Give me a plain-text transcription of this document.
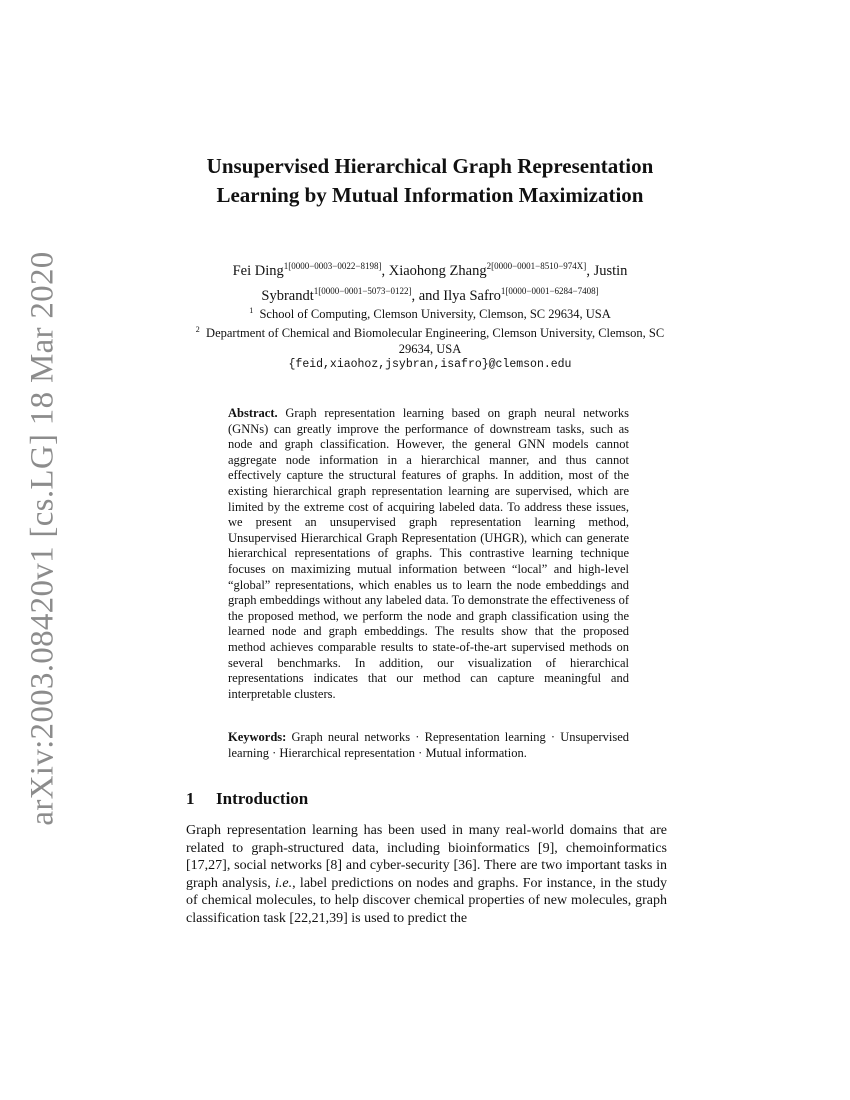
arXiv:2003.08420v1 [cs.LG] 18 Mar 2020
Unsupervised Hierarchical Graph Representation Learning by Mutual Information Maximization
Fei Ding$^{1[0000-0003-0022-8198]}$, Xiaohong Zhang$^{2[0000-0001-8510-974X]}$, Justin Sybrandt$^{1[0000-0001-5073-0122]}$, and Ilya Safro$^{1[0000-0001-6284-7408]}$
$^1$ School of Computing, Clemson University, Clemson, SC 29634, USA
$^2$ Department of Chemical and Biomolecular Engineering, Clemson University, Clemson, SC 29634, USA
{feid,xiaohoz,jsybran,isafro}@clemson.edu

Abstract. Graph representation learning based on graph neural networks (GNNs) can greatly improve the performance of downstream tasks, such as node and graph classification. However, the general GNN models cannot aggregate node information in a hierarchical manner, and thus cannot effectively capture the structural features of graphs. In addition, most of the existing hierarchical graph representation learning are supervised, which are limited by the extreme cost of acquiring labeled data. To address these issues, we present an unsupervised graph representation learning method, Unsupervised Hierarchical Graph Representation (UHGR), which can generate hierarchical representations of graphs. This contrastive learning technique focuses on maximizing mutual information between “local” and high-level “global” representations, which enables us to learn the node embeddings and graph embeddings without any labeled data. To demonstrate the effectiveness of the proposed method, we perform the node and graph classification using the learned node and graph embeddings. The results show that the proposed method achieves comparable results to state-of-the-art supervised methods on several benchmarks. In addition, our visualization of hierarchical representations indicates that our method can capture meaningful and interpretable clusters.

Keywords: Graph neural networks · Representation learning · Unsupervised learning · Hierarchical representation · Mutual information.

1 Introduction

Graph representation learning has been used in many real-world domains that are related to graph-structured data, including bioinformatics [9], chemoinformatics [17,27], social networks [8] and cyber-security [36]. There are two important tasks in graph analysis, i.e., label predictions on nodes and graphs. For instance, in the study of chemical molecules, to help discover chemical properties of new molecules, graph classification task [22,21,39] is used to predict the
